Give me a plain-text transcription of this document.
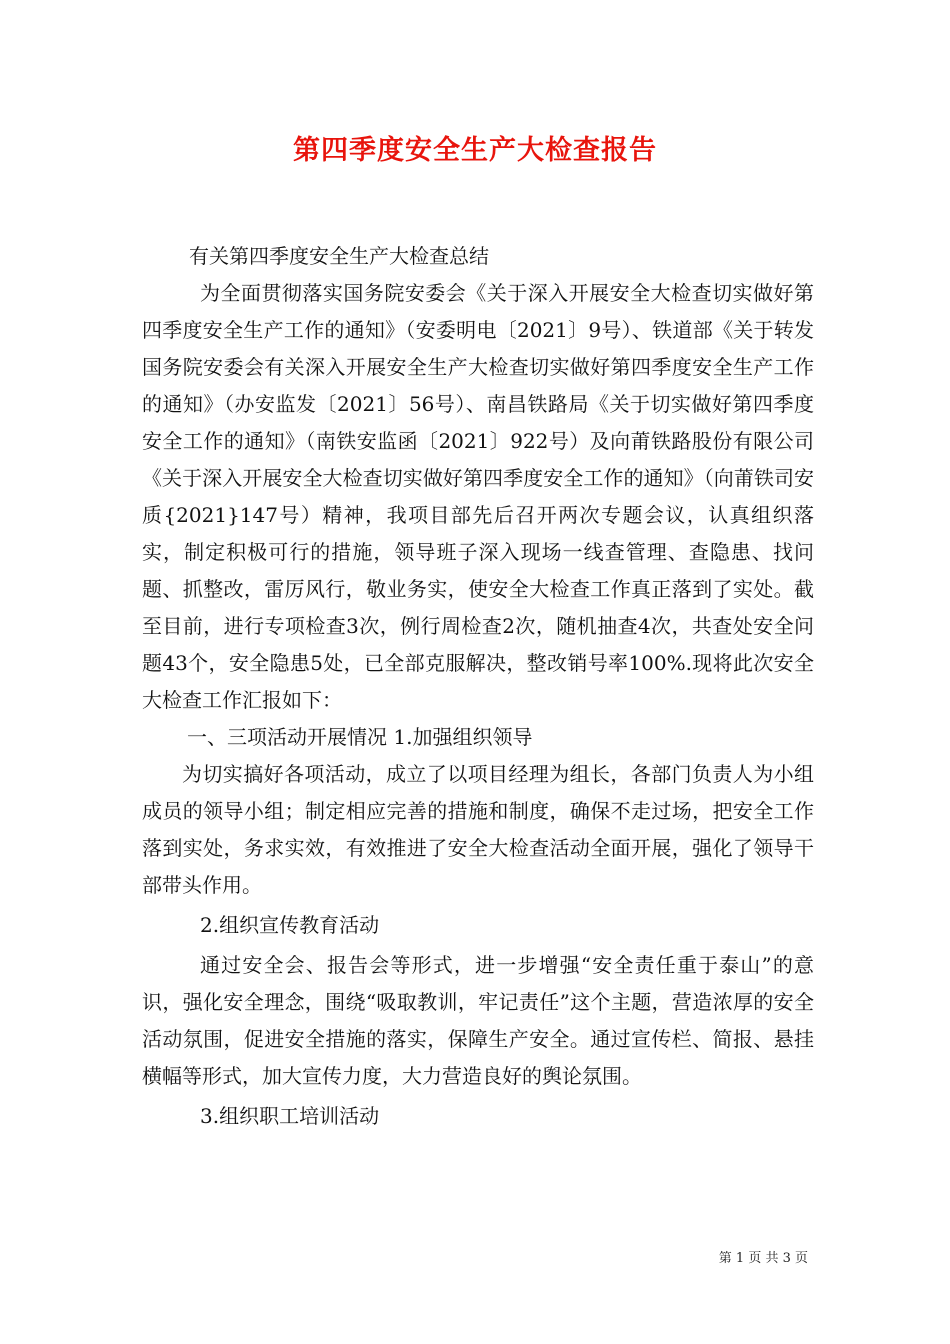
第四季度安全生产大检查报告

有关第四季度安全生产大检查总结

为全面贯彻落实国务院安委会《关于深入开展安全大检查切实做好第四季度安全生产工作的通知》（安委明电〔2021〕9号）、铁道部《关于转发国务院安委会有关深入开展安全生产大检查切实做好第四季度安全生产工作的通知》（办安监发〔2021〕56号）、南昌铁路局《关于切实做好第四季度安全工作的通知》（南铁安监函〔2021〕922号）及向莆铁路股份有限公司《关于深入开展安全大检查切实做好第四季度安全工作的通知》（向莆铁司安质{2021}147号）精神，我项目部先后召开两次专题会议，认真组织落实，制定积极可行的措施，领导班子深入现场一线查管理、查隐患、找问题、抓整改，雷厉风行，敬业务实，使安全大检查工作真正落到了实处。截至目前，进行专项检查3次，例行周检查2次，随机抽查4次，共查处安全问题43个，安全隐患5处，已全部克服解决，整改销号率100%.现将此次安全大检查工作汇报如下：

一、三项活动开展情况 1.加强组织领导

为切实搞好各项活动，成立了以项目经理为组长，各部门负责人为小组成员的领导小组；制定相应完善的措施和制度，确保不走过场，把安全工作落到实处，务求实效，有效推进了安全大检查活动全面开展，强化了领导干部带头作用。

2.组织宣传教育活动

通过安全会、报告会等形式，进一步增强“安全责任重于泰山”的意识，强化安全理念，围绕“吸取教训，牢记责任”这个主题，营造浓厚的安全活动氛围，促进安全措施的落实，保障生产安全。通过宣传栏、简报、悬挂横幅等形式，加大宣传力度，大力营造良好的舆论氛围。

3.组织职工培训活动

第 1 页 共 3 页
